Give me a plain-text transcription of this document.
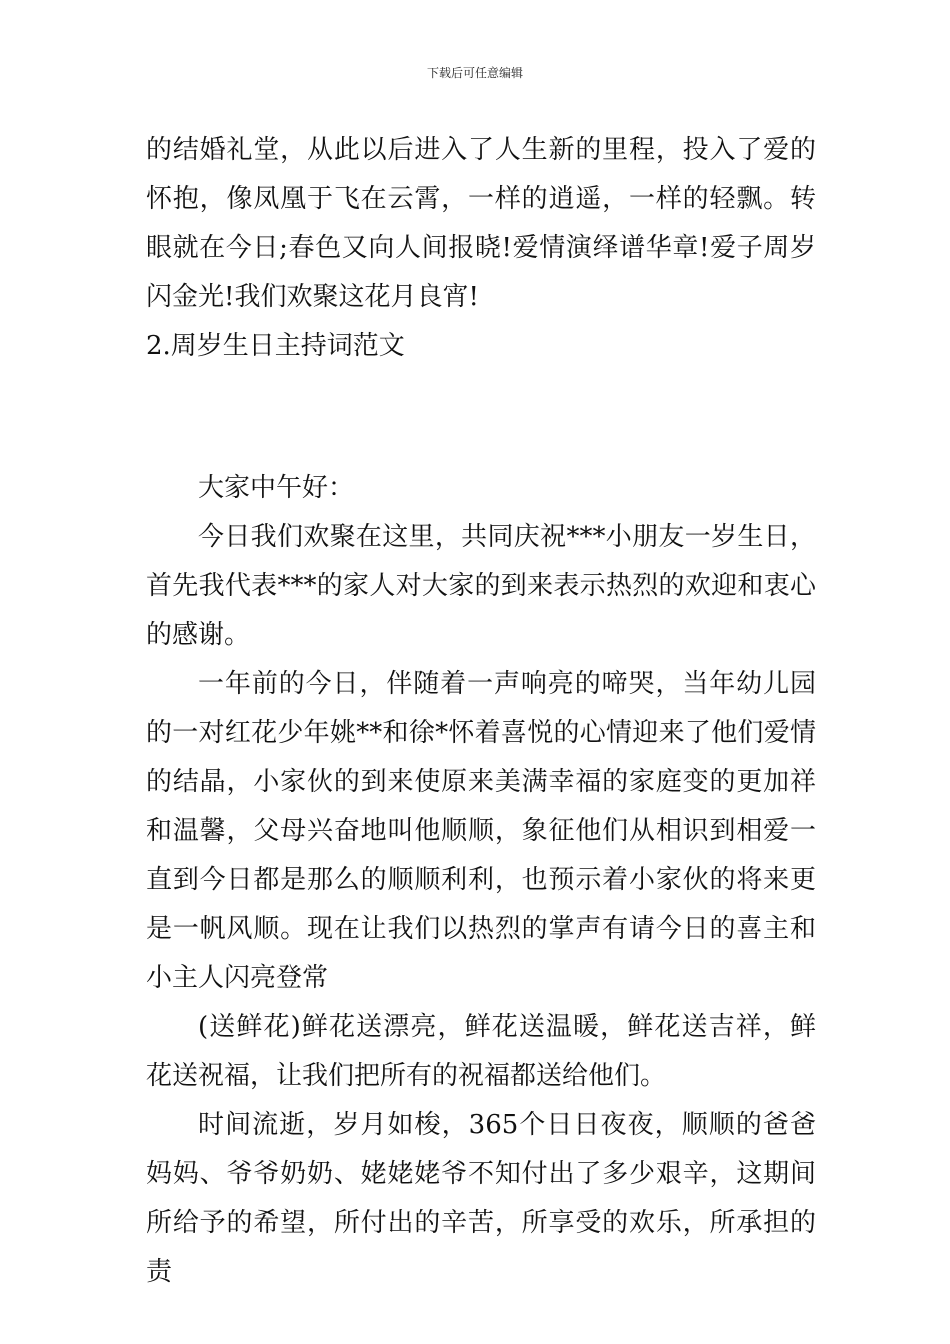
下载后可任意编辑

的结婚礼堂，从此以后进入了人生新的里程，投入了爱的怀抱，像凤凰于飞在云霄，一样的逍遥，一样的轻飘。转眼就在今日;春色又向人间报晓!爱情演绎谱华章!爱子周岁闪金光!我们欢聚这花月良宵!

2.周岁生日主持词范文

大家中午好：

今日我们欢聚在这里，共同庆祝***小朋友一岁生日，首先我代表***的家人对大家的到来表示热烈的欢迎和衷心的感谢。

一年前的今日，伴随着一声响亮的啼哭，当年幼儿园的一对红花少年姚**和徐*怀着喜悦的心情迎来了他们爱情的结晶，小家伙的到来使原来美满幸福的家庭变的更加祥和温馨，父母兴奋地叫他顺顺，象征他们从相识到相爱一直到今日都是那么的顺顺利利，也预示着小家伙的将来更是一帆风顺。现在让我们以热烈的掌声有请今日的喜主和小主人闪亮登常

(送鲜花)鲜花送漂亮，鲜花送温暖，鲜花送吉祥，鲜花送祝福，让我们把所有的祝福都送给他们。

时间流逝，岁月如梭，365个日日夜夜，顺顺的爸爸妈妈、爷爷奶奶、姥姥姥爷不知付出了多少艰辛，这期间所给予的希望，所付出的辛苦，所享受的欢乐，所承担的责
